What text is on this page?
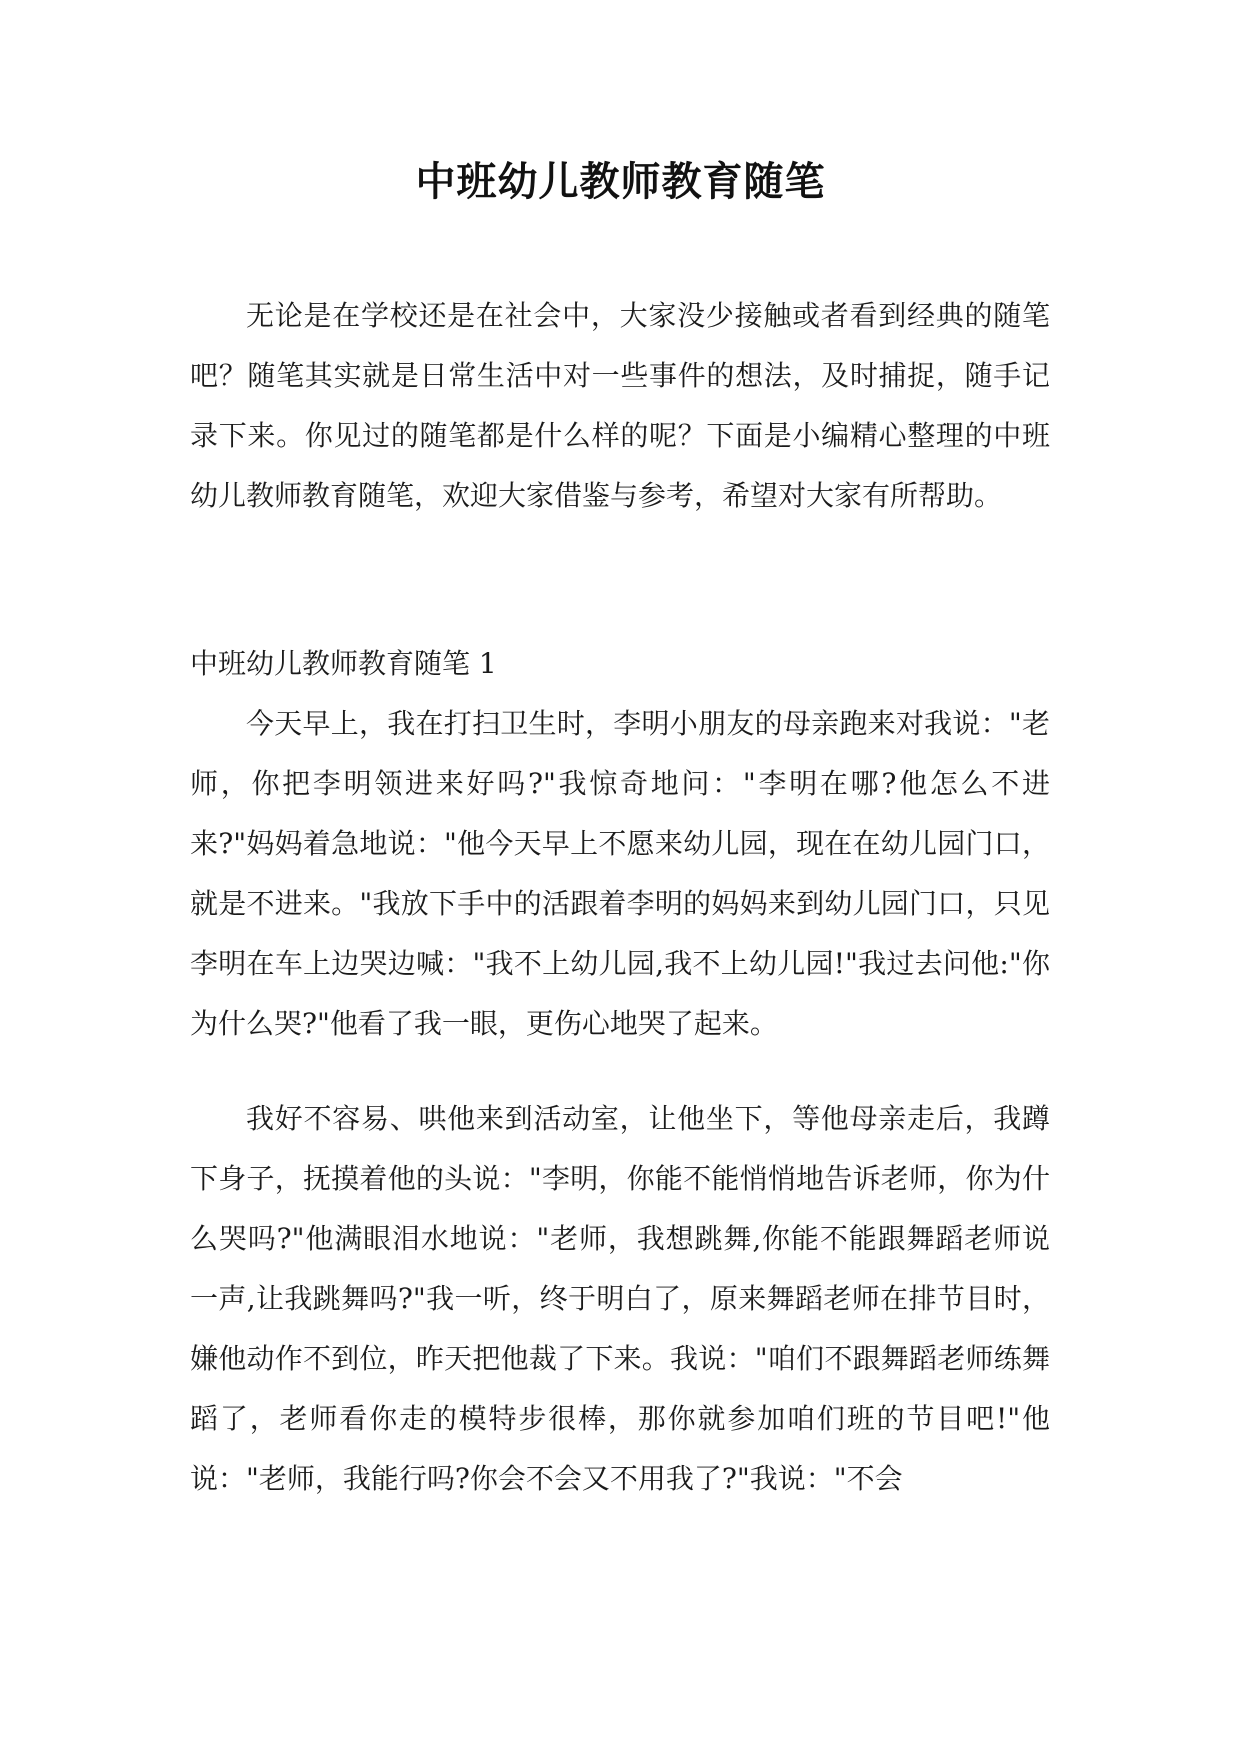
中班幼儿教师教育随笔

无论是在学校还是在社会中，大家没少接触或者看到经典的随笔吧？随笔其实就是日常生活中对一些事件的想法，及时捕捉，随手记录下来。你见过的随笔都是什么样的呢？下面是小编精心整理的中班幼儿教师教育随笔，欢迎大家借鉴与参考，希望对大家有所帮助。

中班幼儿教师教育随笔 1

今天早上，我在打扫卫生时，李明小朋友的母亲跑来对我说："老师，你把李明领进来好吗?"我惊奇地问："李明在哪?他怎么不进来?"妈妈着急地说："他今天早上不愿来幼儿园，现在在幼儿园门口，就是不进来。"我放下手中的活跟着李明的妈妈来到幼儿园门口，只见李明在车上边哭边喊："我不上幼儿园,我不上幼儿园!"我过去问他:"你为什么哭?"他看了我一眼，更伤心地哭了起来。

我好不容易、哄他来到活动室，让他坐下，等他母亲走后，我蹲下身子，抚摸着他的头说："李明，你能不能悄悄地告诉老师，你为什么哭吗?"他满眼泪水地说："老师，我想跳舞,你能不能跟舞蹈老师说一声,让我跳舞吗?"我一听，终于明白了，原来舞蹈老师在排节目时，嫌他动作不到位，昨天把他裁了下来。我说："咱们不跟舞蹈老师练舞蹈了，老师看你走的模特步很棒，那你就参加咱们班的节目吧!"他说："老师，我能行吗?你会不会又不用我了?"我说："不会
